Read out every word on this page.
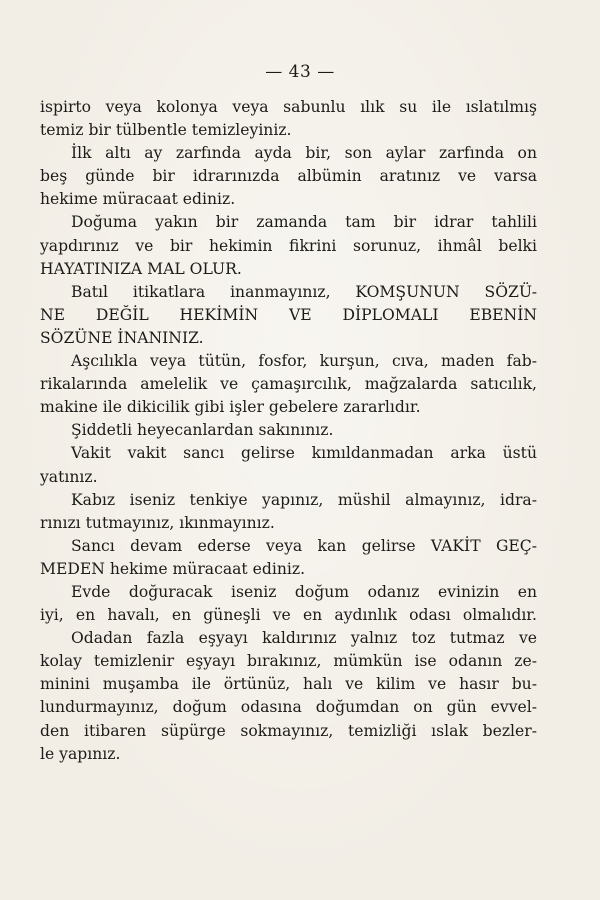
— 43 —
ispirto veya kolonya veya sabunlu ılık su ile ıslatılmış
temiz bir tülbentle temizleyiniz.
İlk altı ay zarfında ayda bir, son aylar zarfında on
beş günde bir idrarınızda albümin aratınız ve varsa
hekime müracaat ediniz.
Doğuma yakın bir zamanda tam bir idrar tahlili
yapdırınız ve bir hekimin fikrini sorunuz, ihmâl belki
HAYATINIZA MAL OLUR.
Batıl itikatlara inanmayınız, KOMŞUNUN SÖZÜ-
NE DEĞİL HEKİMİN VE DİPLOMALI EBENİN
SÖZÜNE İNANINIZ.
Aşcılıkla veya tütün, fosfor, kurşun, cıva, maden fab-
rikalarında amelelik ve çamaşırcılık, mağzalarda satıcılık,
makine ile dikicilik gibi işler gebelere zararlıdır.
Şiddetli heyecanlardan sakınınız.
Vakit vakit sancı gelirse kımıldanmadan arka üstü
yatınız.
Kabız iseniz tenkiye yapınız, müshil almayınız, idra-
rınızı tutmayınız, ıkınmayınız.
Sancı devam ederse veya kan gelirse VAKİT GEÇ-
MEDEN hekime müracaat ediniz.
Evde doğuracak iseniz doğum odanız evinizin en
iyi, en havalı, en güneşli ve en aydınlık odası olmalıdır.
Odadan fazla eşyayı kaldırınız yalnız toz tutmaz ve
kolay temizlenir eşyayı bırakınız, mümkün ise odanın ze-
minini muşamba ile örtünüz, halı ve kilim ve hasır bu-
lundurmayınız, doğum odasına doğumdan on gün evvel-
den itibaren süpürge sokmayınız, temizliği ıslak bezler-
le yapınız.
